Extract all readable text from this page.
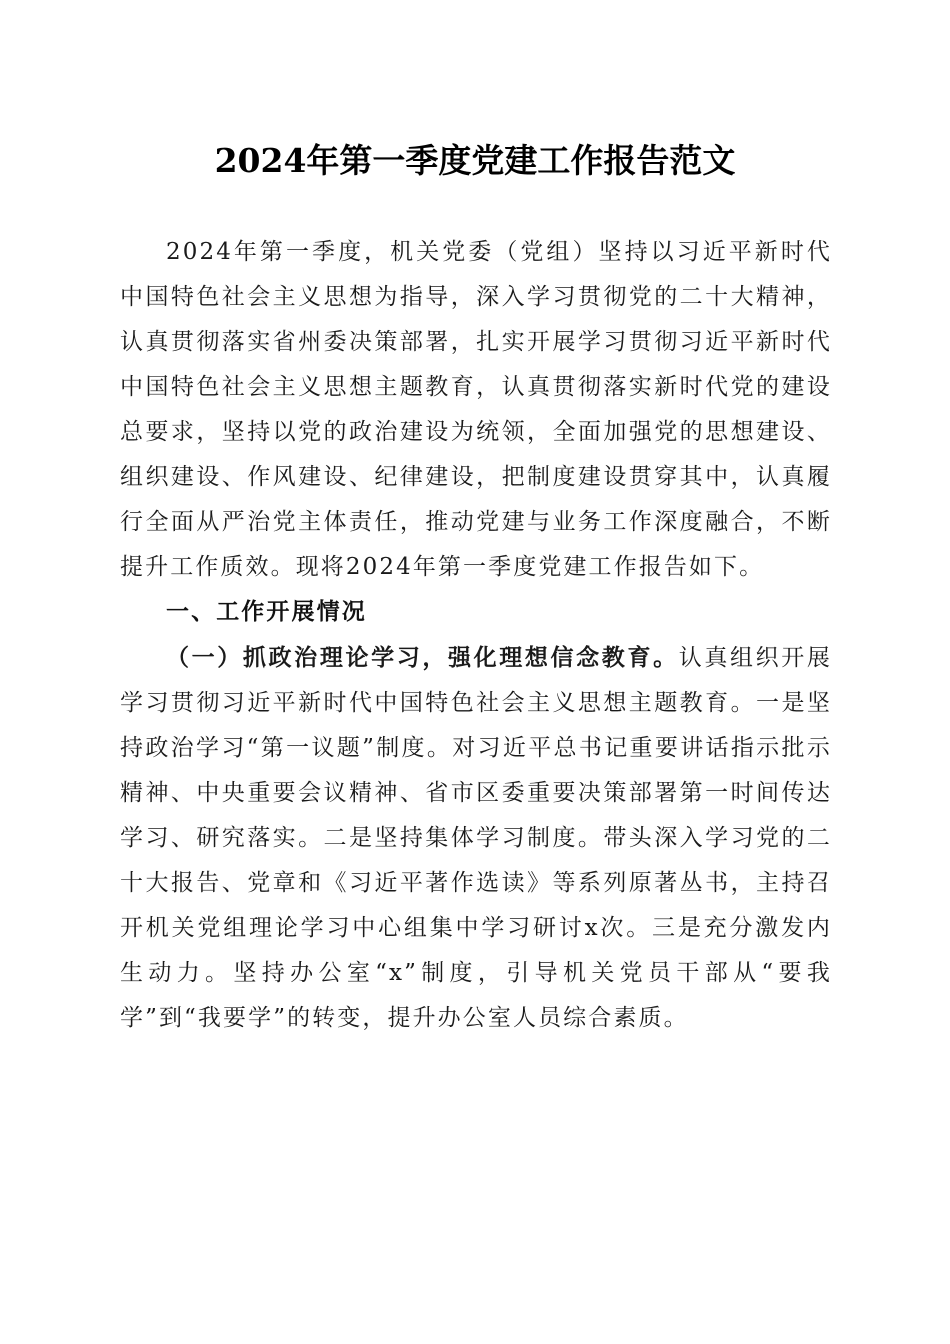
2024年第一季度党建工作报告范文

2024年第一季度，机关党委（党组）坚持以习近平新时代中国特色社会主义思想为指导，深入学习贯彻党的二十大精神，认真贯彻落实省州委决策部署，扎实开展学习贯彻习近平新时代中国特色社会主义思想主题教育，认真贯彻落实新时代党的建设总要求，坚持以党的政治建设为统领，全面加强党的思想建设、组织建设、作风建设、纪律建设，把制度建设贯穿其中，认真履行全面从严治党主体责任，推动党建与业务工作深度融合，不断提升工作质效。现将2024年第一季度党建工作报告如下。

一、工作开展情况

（一）抓政治理论学习，强化理想信念教育。认真组织开展学习贯彻习近平新时代中国特色社会主义思想主题教育。一是坚持政治学习“第一议题”制度。对习近平总书记重要讲话指示批示精神、中央重要会议精神、省市区委重要决策部署第一时间传达学习、研究落实。二是坚持集体学习制度。带头深入学习党的二十大报告、党章和《习近平著作选读》等系列原著丛书，主持召开机关党组理论学习中心组集中学习研讨x次。三是充分激发内生动力。坚持办公室“x”制度，引导机关党员干部从“要我学”到“我要学”的转变，提升办公室人员综合素质。
